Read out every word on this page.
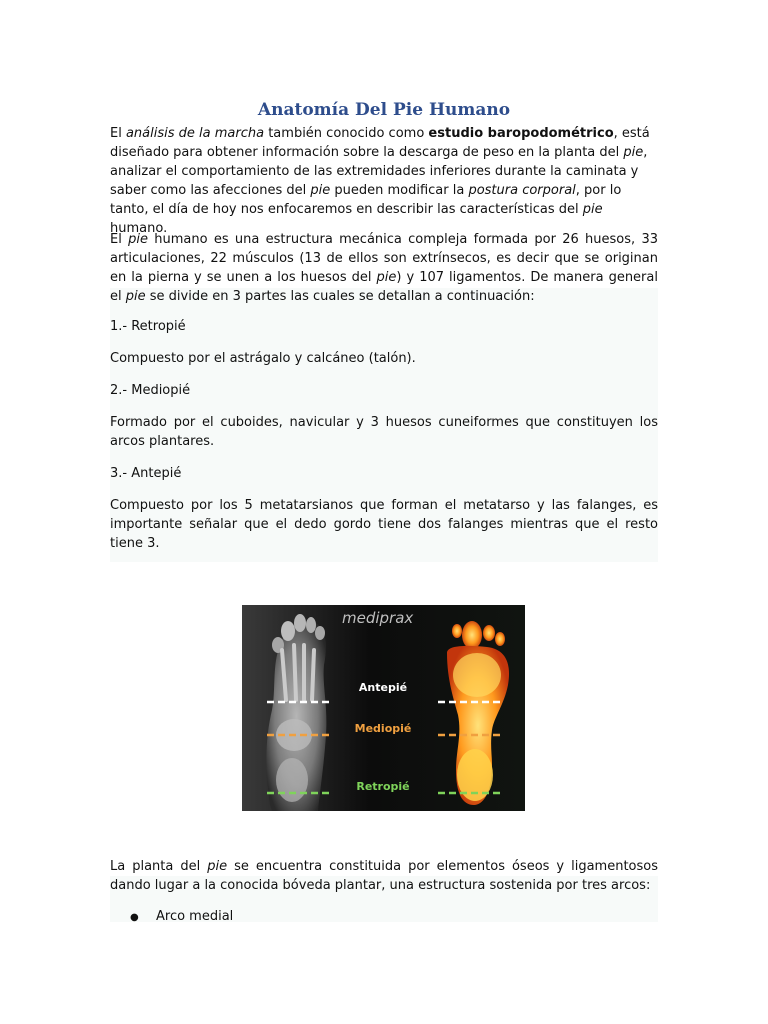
Anatomía Del Pie Humano

El análisis de la marcha también conocido como estudio baropodométrico, está diseñado para obtener información sobre la descarga de peso en la planta del pie, analizar el comportamiento de las extremidades inferiores durante la caminata y saber como las afecciones del pie pueden modificar la postura corporal, por lo tanto, el día de hoy nos enfocaremos en describir las características del pie humano.

El pie humano es una estructura mecánica compleja formada por 26 huesos, 33 articulaciones, 22 músculos (13 de ellos son extrínsecos, es decir que se originan en la pierna y se unen a los huesos del pie) y 107 ligamentos. De manera general el pie se divide en 3 partes las cuales se detallan a continuación:

1.- Retropié

Compuesto por el astrágalo y calcáneo (talón).

2.- Mediopié

Formado por el cuboides, navicular y 3 huesos cuneiformes que constituyen los arcos plantares.

3.- Antepié

Compuesto por los 5 metatarsianos que forman el metatarso y las falanges, es importante señalar que el dedo gordo tiene dos falanges mientras que el resto tiene 3.

mediprax
Antepié
Mediopié
Retropié

La planta del pie se encuentra constituida por elementos óseos y ligamentosos dando lugar a la conocida bóveda plantar, una estructura sostenida por tres arcos:

● Arco medial
